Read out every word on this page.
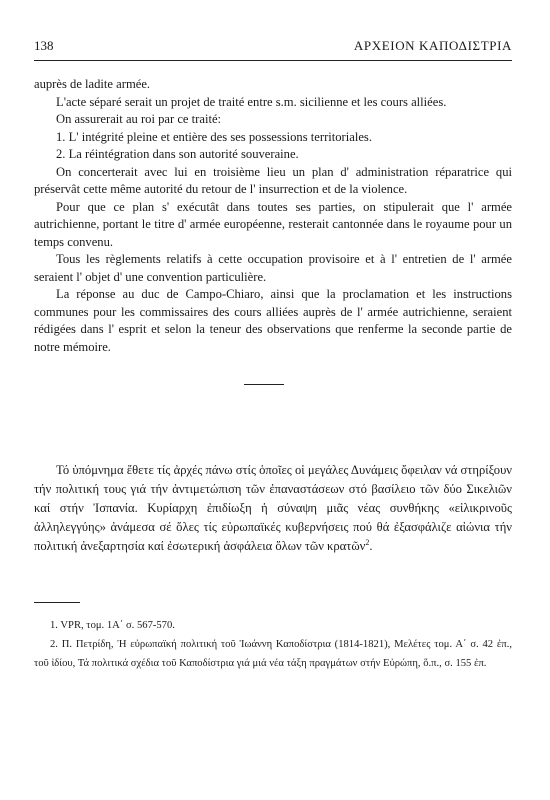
138	ΑΡΧΕΙΟΝ ΚΑΠΟΔΙΣΤΡΙΑ

auprès de ladite armée.

L'acte séparé serait un projet de traité entre s.m. sicilienne et les cours alliées.

On assurerait au roi par ce traité:

1. L' intégrité pleine et entière des ses possessions territoriales.

2. La réintégration dans son autorité souveraine.

On concerterait avec lui en troisième lieu un plan d' administration réparatrice qui préservât cette même autorité du retour de l' insurrection et de la violence.

Pour que ce plan s' exécutât dans toutes ses parties, on stipulerait que l' armée autrichienne, portant le titre d' armée européenne, resterait cantonnée dans le royaume pour un temps convenu.

Tous les règlements relatifs à cette occupation provisoire et à l' entretien de l' armée seraient l' objet d' une convention particulière.

La réponse au duc de Campo-Chiaro, ainsi que la proclamation et les instructions communes pour les commissaires des cours alliées auprès de l' armée autrichienne, seraient rédigées dans l' esprit et selon la teneur des observations que renferme la seconde partie de notre mémoire.

Τό ὑπόμνημα ἔθετε τίς ἀρχές πάνω στίς ὁποῖες οἱ μεγάλες Δυνάμεις ὄφειλαν νά στηρίξουν τήν πολιτική τους γιά τήν ἀντιμετώπιση τῶν ἐπαναστάσεων στό βασίλειο τῶν δύο Σικελιῶν καί στήν Ἰσπανία. Κυρίαρχη ἐπιδίωξη ἡ σύναψη μιᾶς νέας συνθήκης «εἰλικρινοῦς ἀλληλεγγύης» ἀνάμεσα σέ ὅλες τίς εὐρωπαϊκές κυβερνήσεις πού θά ἐξασφάλιζε αἰώνια τήν πολιτική ἀνεξαρτησία καί ἐσωτερική ἀσφάλεια ὅλων τῶν κρατῶν$^2$.

1. VPR, τομ. 1Α΄ σ. 567-570.

2. Π. Πετρίδη, Ἡ εὐρωπαϊκή πολιτική τοῦ Ἰωάννη Καποδίστρια (1814-1821), Μελέτες τομ. Α΄ σ. 42 ἐπ., τοῦ ἰδίου, Τά πολιτικά σχέδια τοῦ Καποδίστρια γιά μιά νέα τάξη πραγμάτων στήν Εὐρώπη, ὅ.π., σ. 155 ἐπ.
